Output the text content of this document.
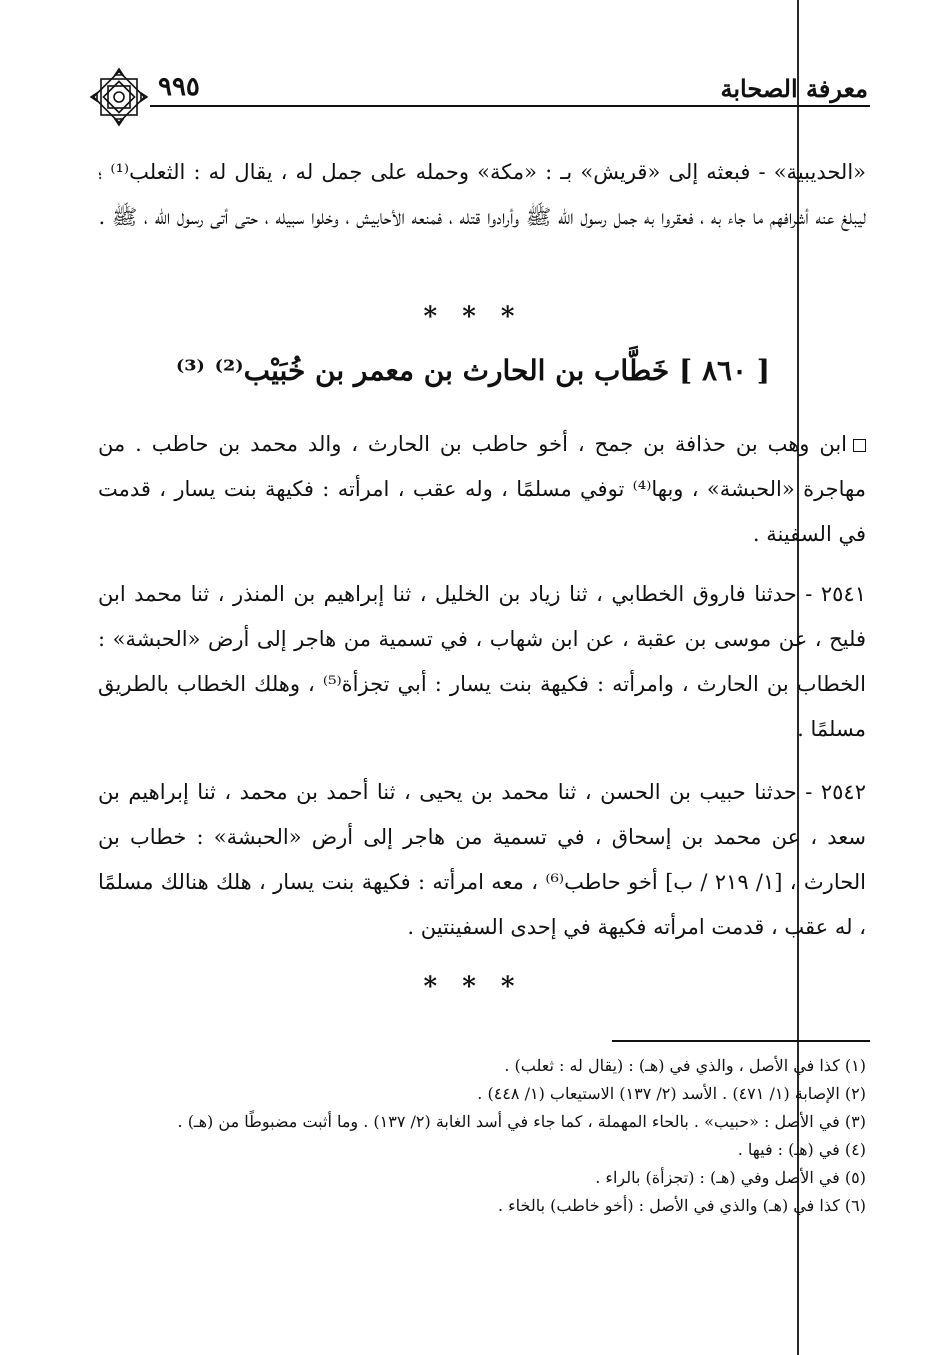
معرفة الصحابة
٩٩٥
«الحديبية» - فبعثه إلى «قريش» بـ : «مكة» وحمله على جمل له ، يقال له : الثعلب⁽¹⁾ ؛ ليبلغ عنه أشرافهم ما جاء به ، فعقروا به جمل رسول الله ﷺ وأرادوا قتله ، فمنعه الأحابيش ، وخلوا سبيله ، حتى أتى رسول الله ، ﷺ .
* * *
[ ٨٦٠ ] خَطَّاب بن الحارث بن معمر بن خُبَيْب⁽²⁾ ⁽³⁾
ابن وهب بن حذافة بن جمح ، أخو حاطب بن الحارث ، والد محمد بن حاطب . من مهاجرة «الحبشة» ، وبها⁽⁴⁾ توفي مسلمًا ، وله عقب ، امرأته : فكيهة بنت يسار ، قدمت في السفينة .
٢٥٤١ - حدثنا فاروق الخطابي ، ثنا زياد بن الخليل ، ثنا إبراهيم بن المنذر ، ثنا محمد ابن فليح ، عن موسى بن عقبة ، عن ابن شهاب ، في تسمية من هاجر إلى أرض «الحبشة» : الخطاب بن الحارث ، وامرأته : فكيهة بنت يسار : أبي تجزأة⁽⁵⁾ ، وهلك الخطاب بالطريق مسلمًا .
٢٥٤٢ - حدثنا حبيب بن الحسن ، ثنا محمد بن يحيى ، ثنا أحمد بن محمد ، ثنا إبراهيم بن سعد ، عن محمد بن إسحاق ، في تسمية من هاجر إلى أرض «الحبشة» : خطاب بن الحارث ، [١/ ٢١٩ / ب] أخو حاطب⁽⁶⁾ ، معه امرأته : فكيهة بنت يسار ، هلك هنالك مسلمًا ، له عقب ، قدمت امرأته فكيهة في إحدى السفينتين .
* * *
(١) كذا في الأصل ، والذي في (هـ) : (يقال له : ثعلب) .
(٢) الإصابة (١/ ٤٧١) . الأسد (٢/ ١٣٧) الاستيعاب (١/ ٤٤٨) .
(٣) في الأصل : «حبيب» . بالحاء المهملة ، كما جاء في أسد الغابة (٢/ ١٣٧) . وما أثبت مضبوطًا من (هـ) .
(٤) في (هـ) : فيها .
(٥) في الأصل وفي (هـ) : (تجزأة) بالراء .
(٦) كذا في (هـ) والذي في الأصل : (أخو خاطب) بالخاء .
